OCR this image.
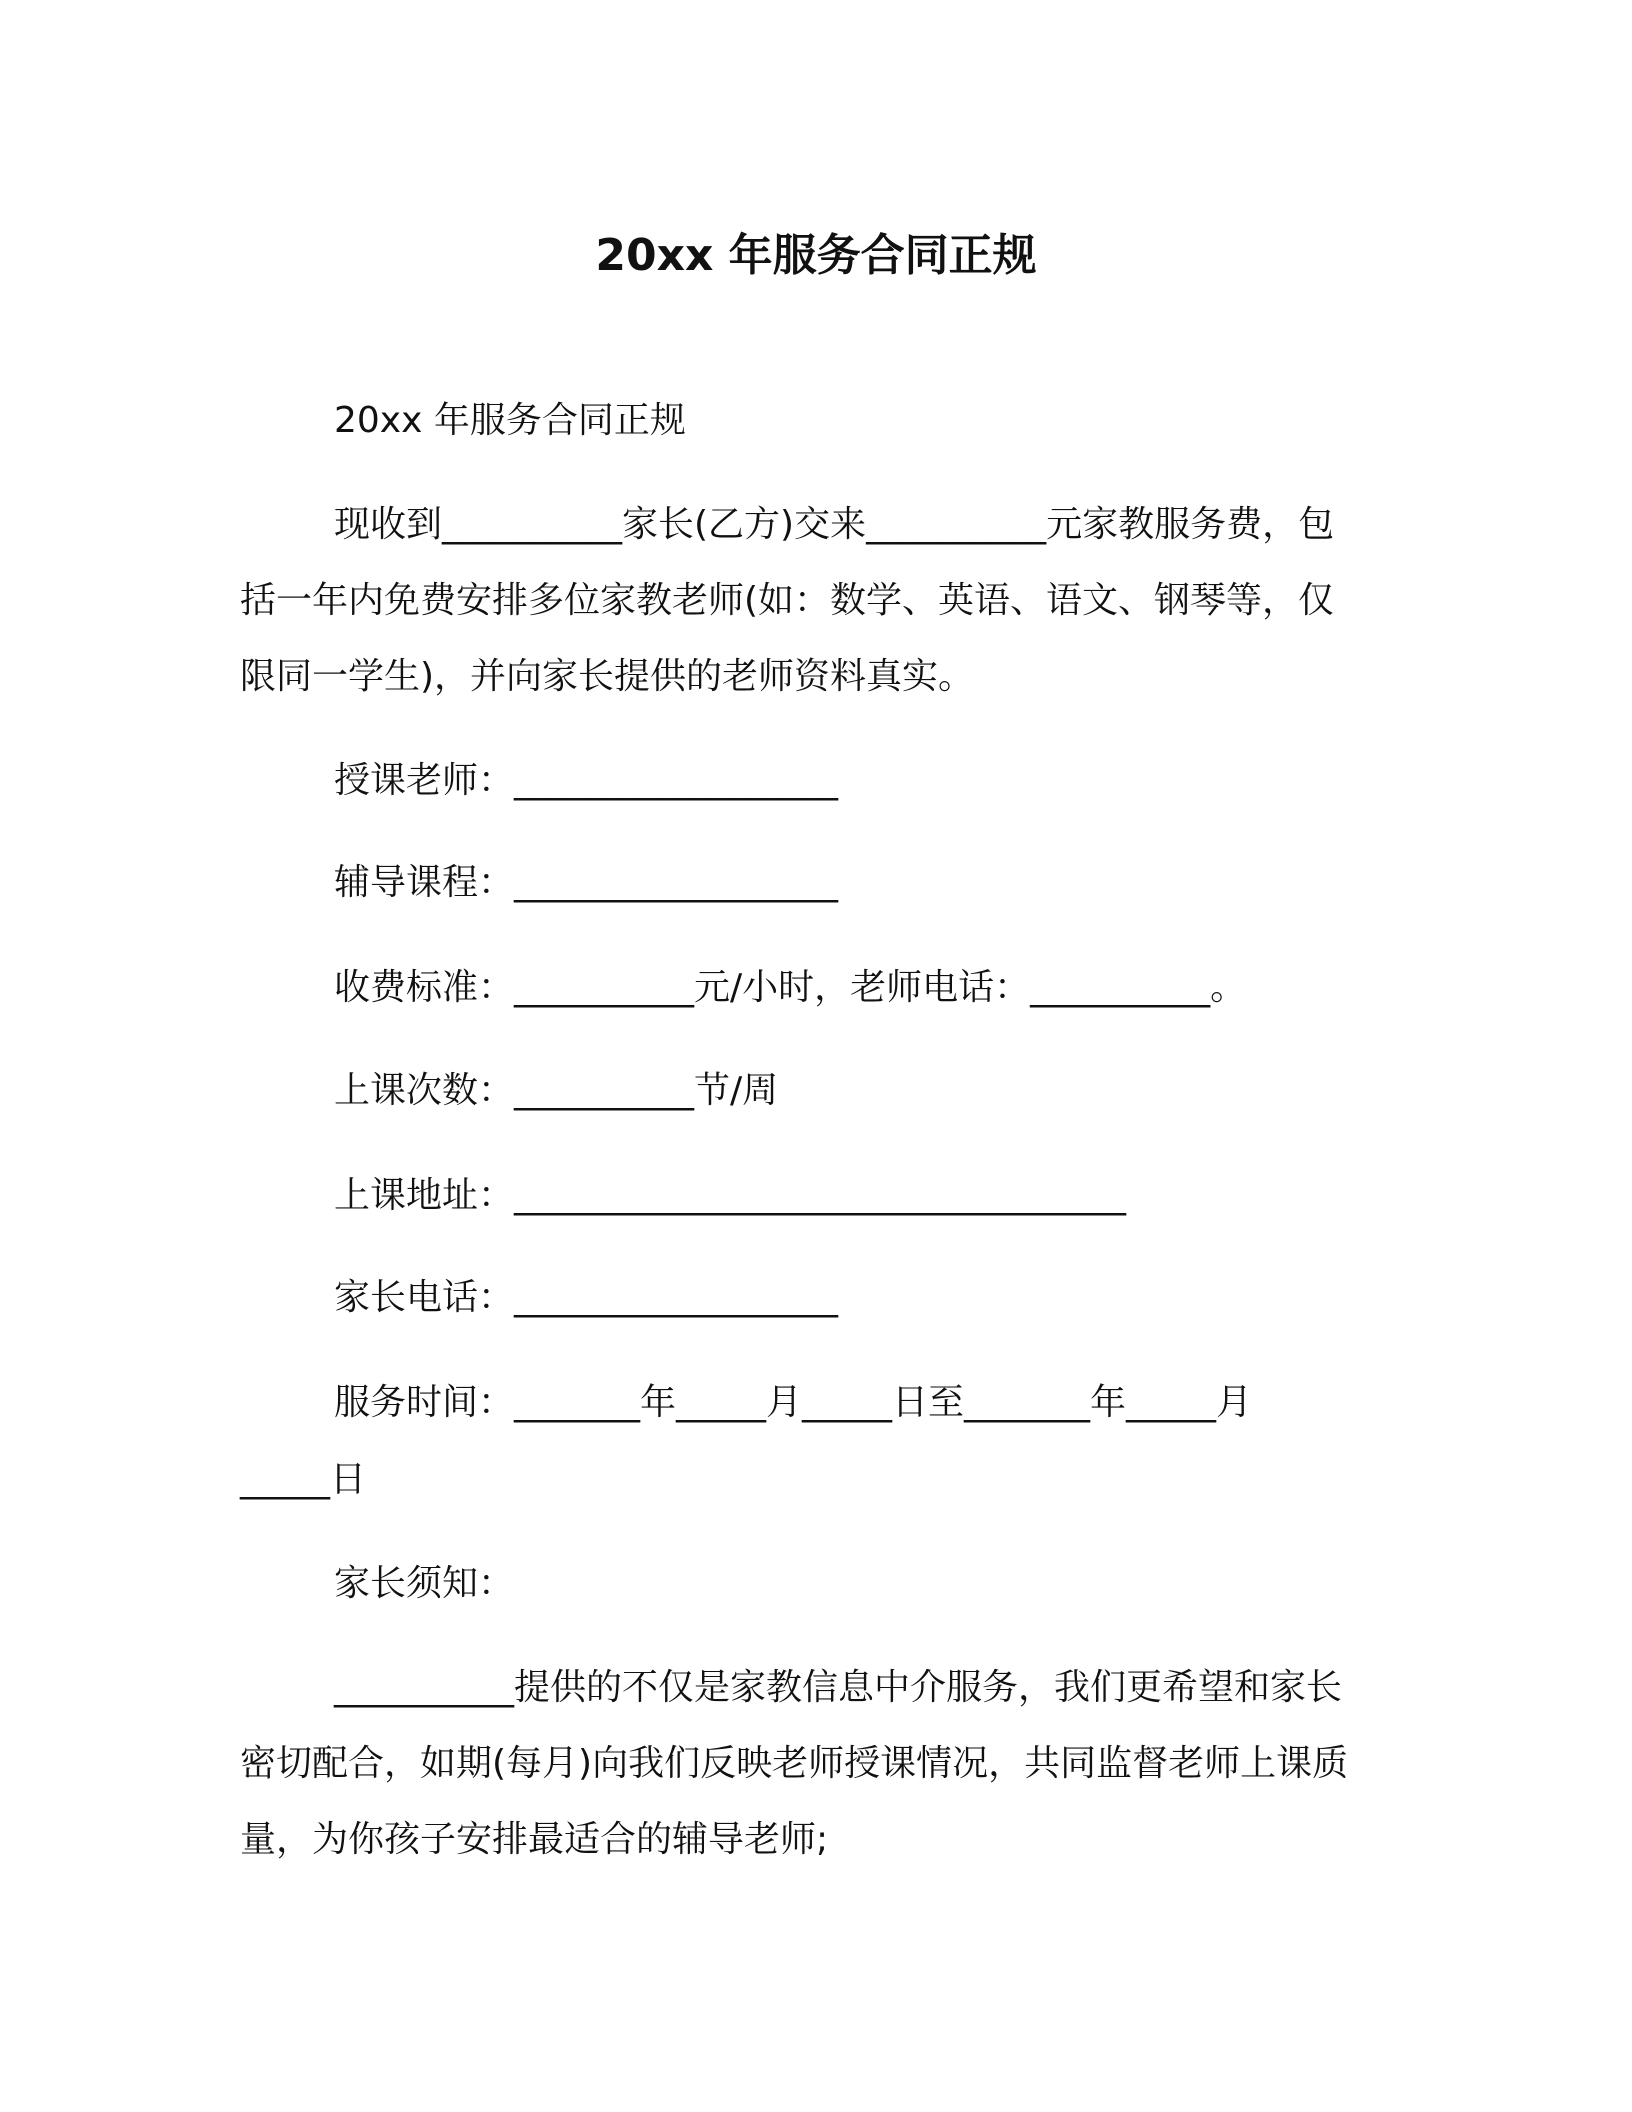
20xx 年服务合同正规

20xx 年服务合同正规

现收到__________家长(乙方)交来__________元家教服务费，包

括一年内免费安排多位家教老师(如：数学、英语、语文、钢琴等，仅

限同一学生)，并向家长提供的老师资料真实。

授课老师：__________________

辅导课程：__________________

收费标准：__________元/小时，老师电话：__________。

上课次数：__________节/周

上课地址：__________________________________

家长电话：__________________

服务时间：_______年_____月_____日至_______年_____月

_____日

家长须知：

__________提供的不仅是家教信息中介服务，我们更希望和家长

密切配合，如期(每月)向我们反映老师授课情况，共同监督老师上课质

量，为你孩子安排最适合的辅导老师;
